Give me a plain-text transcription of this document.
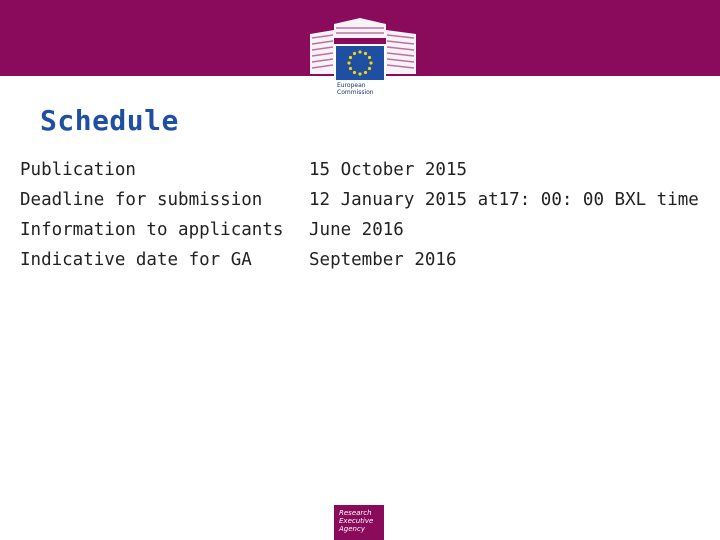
European
Commission
Schedule
Publication	15 October 2015
Deadline for submission	12 January 2015 at17: 00: 00 BXL time
Information to applicants	June 2016
Indicative date for GA	September 2016
Research
Executive
Agency
